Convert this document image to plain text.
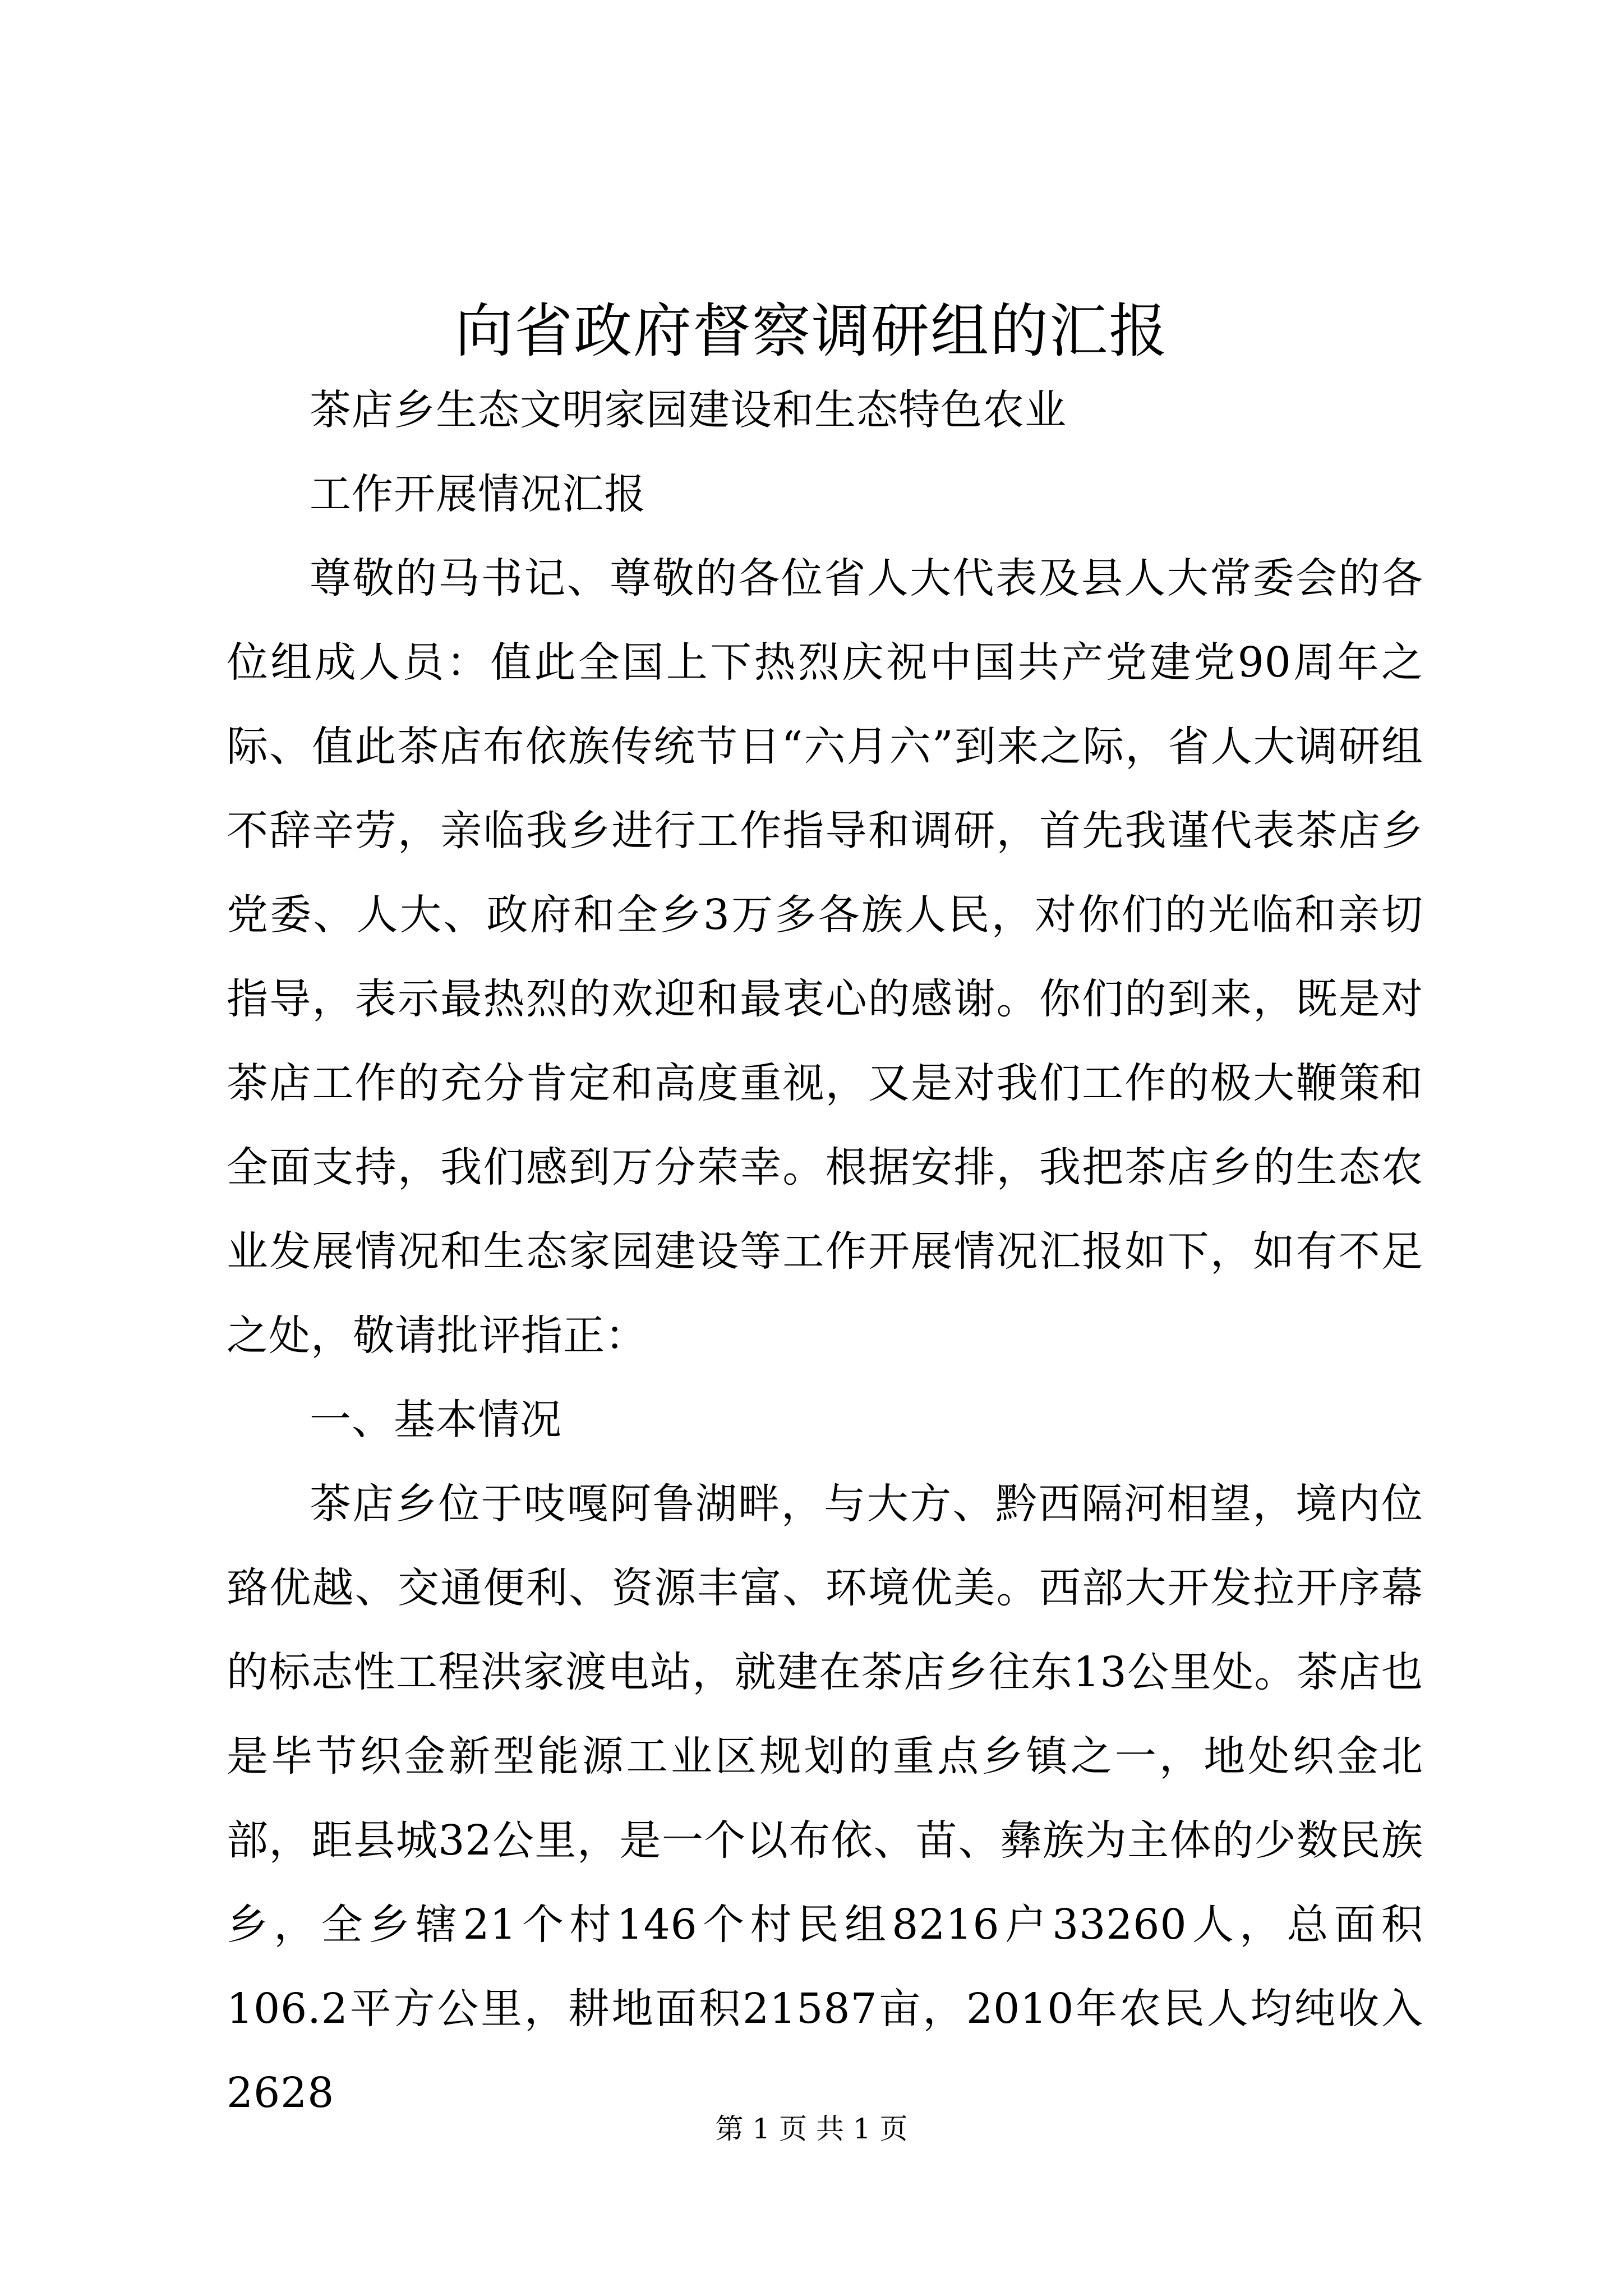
向省政府督察调研组的汇报

茶店乡生态文明家园建设和生态特色农业

工作开展情况汇报

尊敬的马书记、尊敬的各位省人大代表及县人大常委会的各位组成人员：值此全国上下热烈庆祝中国共产党建党90周年之际、值此茶店布依族传统节日“六月六”到来之际，省人大调研组不辞辛劳，亲临我乡进行工作指导和调研，首先我谨代表茶店乡党委、人大、政府和全乡3万多各族人民，对你们的光临和亲切指导，表示最热烈的欢迎和最衷心的感谢。你们的到来，既是对茶店工作的充分肯定和高度重视，又是对我们工作的极大鞭策和全面支持，我们感到万分荣幸。根据安排，我把茶店乡的生态农业发展情况和生态家园建设等工作开展情况汇报如下，如有不足之处，敬请批评指正：

一、基本情况

茶店乡位于吱嘎阿鲁湖畔，与大方、黔西隔河相望，境内位臵优越、交通便利、资源丰富、环境优美。西部大开发拉开序幕的标志性工程洪家渡电站，就建在茶店乡往东13公里处。茶店也是毕节织金新型能源工业区规划的重点乡镇之一，地处织金北部，距县城32公里，是一个以布依、苗、彝族为主体的少数民族乡，全乡辖21个村146个村民组8216户33260人，总面积106.2平方公里，耕地面积21587亩，2010年农民人均纯收入2628

第 1 页 共 1 页
